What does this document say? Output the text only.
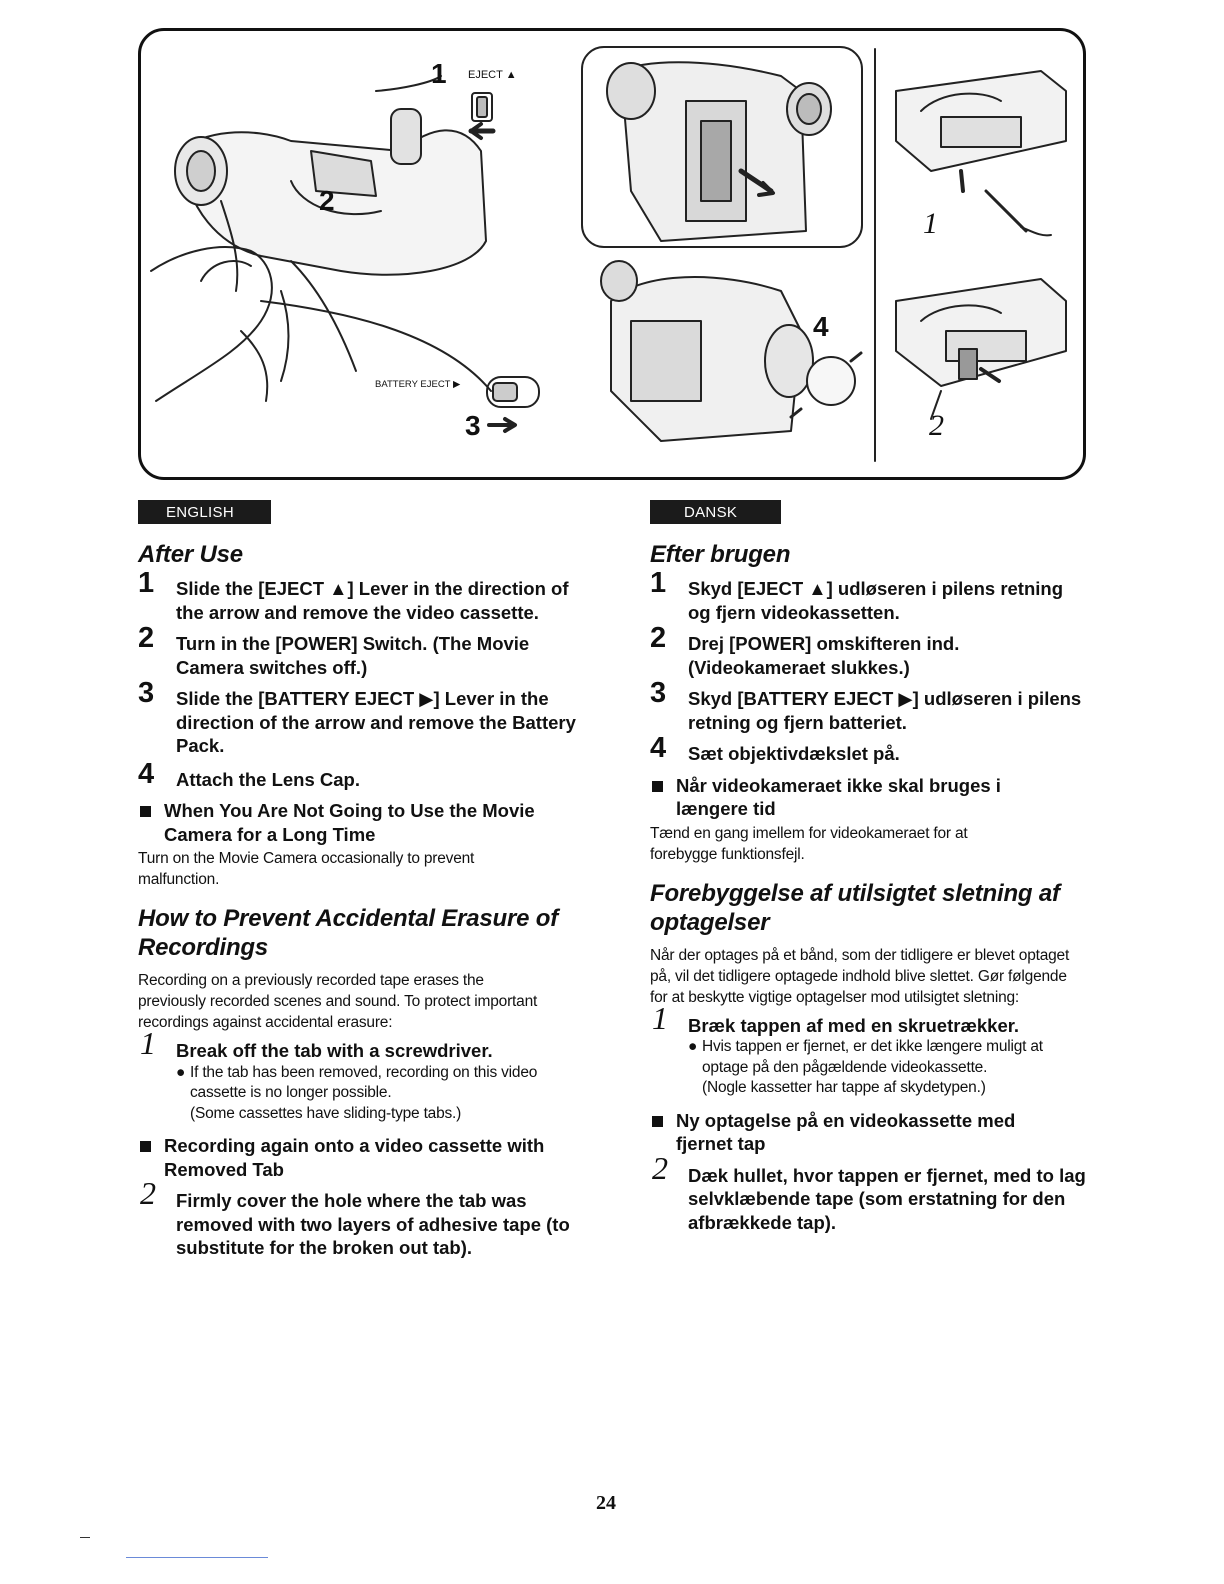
1 EJECT ▲
2
BATTERY EJECT ▶
3
4
1
2
ENGLISH
After Use
1 Slide the [EJECT ▲] Lever in the direction of the arrow and remove the video cassette.
2 Turn in the [POWER] Switch. (The Movie Camera switches off.)
3 Slide the [BATTERY EJECT ▶] Lever in the direction of the arrow and remove the Battery Pack.
4 Attach the Lens Cap.
When You Are Not Going to Use the Movie Camera for a Long Time
Turn on the Movie Camera occasionally to prevent malfunction.
How to Prevent Accidental Erasure of Recordings
Recording on a previously recorded tape erases the previously recorded scenes and sound. To protect important recordings against accidental erasure:
1 Break off the tab with a screwdriver.
● If the tab has been removed, recording on this video cassette is no longer possible.
(Some cassettes have sliding-type tabs.)
Recording again onto a video cassette with Removed Tab
2 Firmly cover the hole where the tab was removed with two layers of adhesive tape (to substitute for the broken out tab).
DANSK
Efter brugen
1 Skyd [EJECT ▲] udløseren i pilens retning og fjern videokassetten.
2 Drej [POWER] omskifteren ind. (Videokameraet slukkes.)
3 Skyd [BATTERY EJECT ▶] udløseren i pilens retning og fjern batteriet.
4 Sæt objektivdækslet på.
Når videokameraet ikke skal bruges i længere tid
Tænd en gang imellem for videokameraet for at forebygge funktionsfejl.
Forebyggelse af utilsigtet sletning af optagelser
Når der optages på et bånd, som der tidligere er blevet optaget på, vil det tidligere optagede indhold blive slettet. Gør følgende for at beskytte vigtige optagelser mod utilsigtet sletning:
1 Bræk tappen af med en skruetrækker.
● Hvis tappen er fjernet, er det ikke længere muligt at optage på den pågældende videokassette.
(Nogle kassetter har tappe af skydetypen.)
Ny optagelse på en videokassette med fjernet tap
2 Dæk hullet, hvor tappen er fjernet, med to lag selvklæbende tape (som erstatning for den afbrækkede tap).
24
